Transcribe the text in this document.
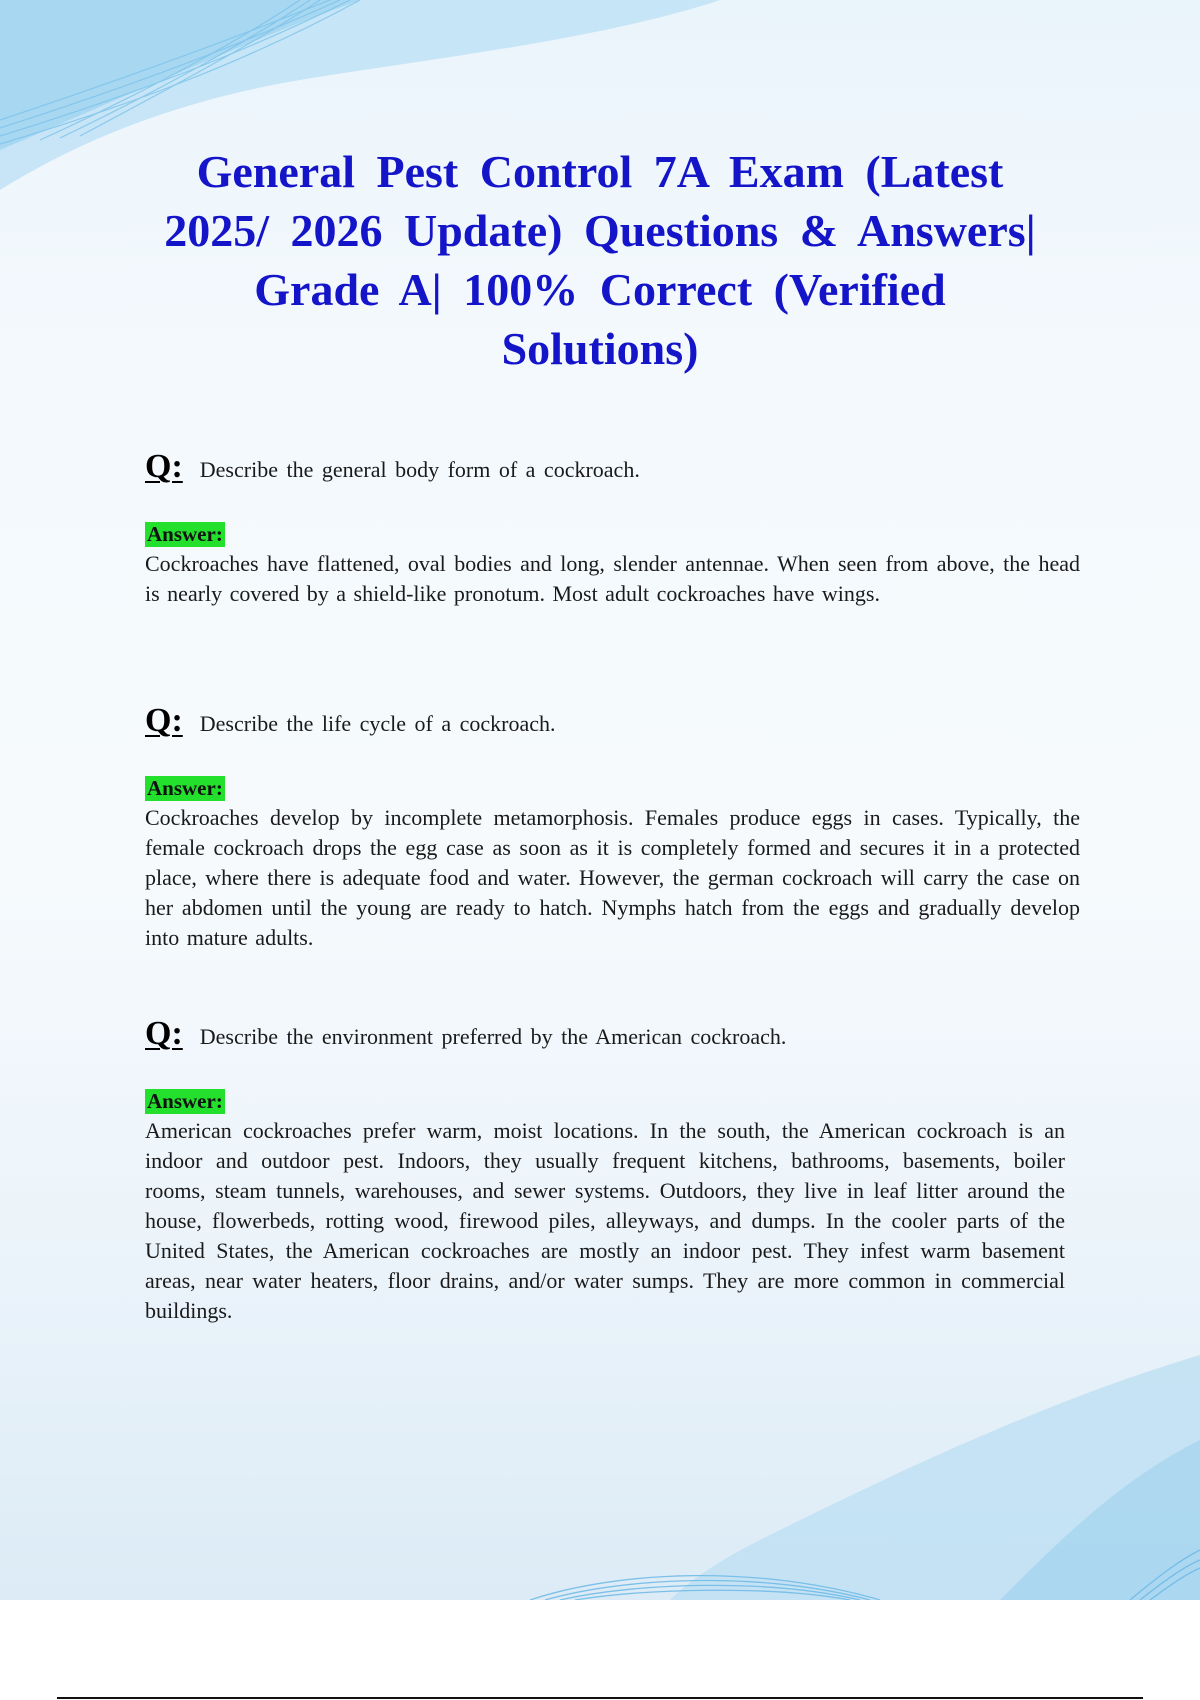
General Pest Control 7A Exam (Latest 2025/ 2026 Update) Questions & Answers| Grade A| 100% Correct (Verified Solutions)
Q: Describe the general body form of a cockroach.
Answer:

Cockroaches have flattened, oval bodies and long, slender antennae. When seen from above, the head is nearly covered by a shield-like pronotum. Most adult cockroaches have wings.

Q: Describe the life cycle of a cockroach.
Answer:

Cockroaches develop by incomplete metamorphosis. Females produce eggs in cases. Typically, the female cockroach drops the egg case as soon as it is completely formed and secures it in a protected place, where there is adequate food and water. However, the german cockroach will carry the case on her abdomen until the young are ready to hatch. Nymphs hatch from the eggs and gradually develop into mature adults.

Q: Describe the environment preferred by the American cockroach.
Answer:

American cockroaches prefer warm, moist locations. In the south, the American cockroach is an indoor and outdoor pest. Indoors, they usually frequent kitchens, bathrooms, basements, boiler rooms, steam tunnels, warehouses, and sewer systems. Outdoors, they live in leaf litter around the house, flowerbeds, rotting wood, firewood piles, alleyways, and dumps. In the cooler parts of the United States, the American cockroaches are mostly an indoor pest. They infest warm basement areas, near water heaters, floor drains, and/or water sumps. They are more common in commercial buildings.
